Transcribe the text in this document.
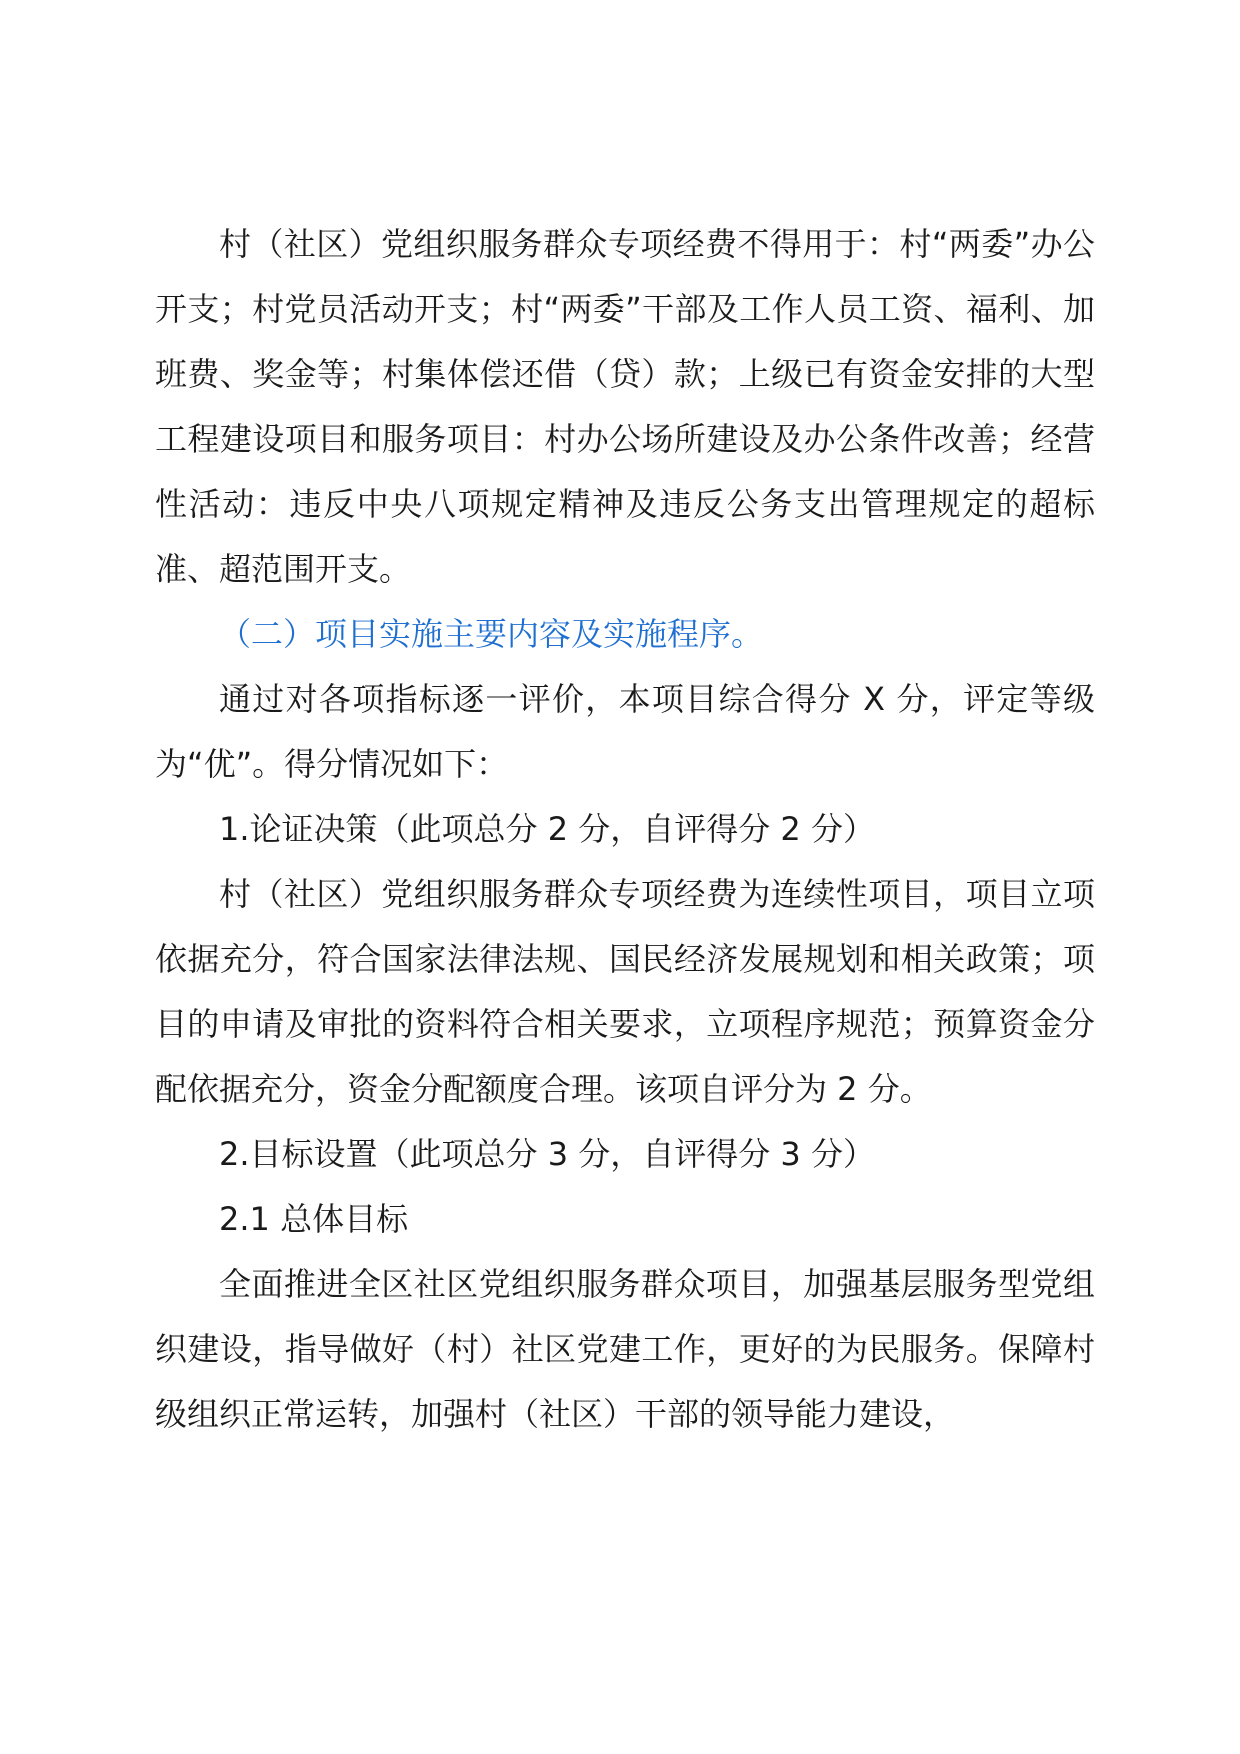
村（社区）党组织服务群众专项经费不得用于：村“两委”办公开支；村党员活动开支；村“两委”干部及工作人员工资、福利、加班费、奖金等；村集体偿还借（贷）款；上级已有资金安排的大型工程建设项目和服务项目：村办公场所建设及办公条件改善；经营性活动：违反中央八项规定精神及违反公务支出管理规定的超标准、超范围开支。

（二）项目实施主要内容及实施程序。

通过对各项指标逐一评价，本项目综合得分 X 分，评定等级为“优”。得分情况如下：

1.论证决策（此项总分 2 分，自评得分 2 分）

村（社区）党组织服务群众专项经费为连续性项目，项目立项依据充分，符合国家法律法规、国民经济发展规划和相关政策；项目的申请及审批的资料符合相关要求，立项程序规范；预算资金分配依据充分，资金分配额度合理。该项自评分为 2 分。

2.目标设置（此项总分 3 分，自评得分 3 分）

2.1 总体目标

全面推进全区社区党组织服务群众项目，加强基层服务型党组织建设，指导做好（村）社区党建工作，更好的为民服务。保障村级组织正常运转，加强村（社区）干部的领导能力建设，
